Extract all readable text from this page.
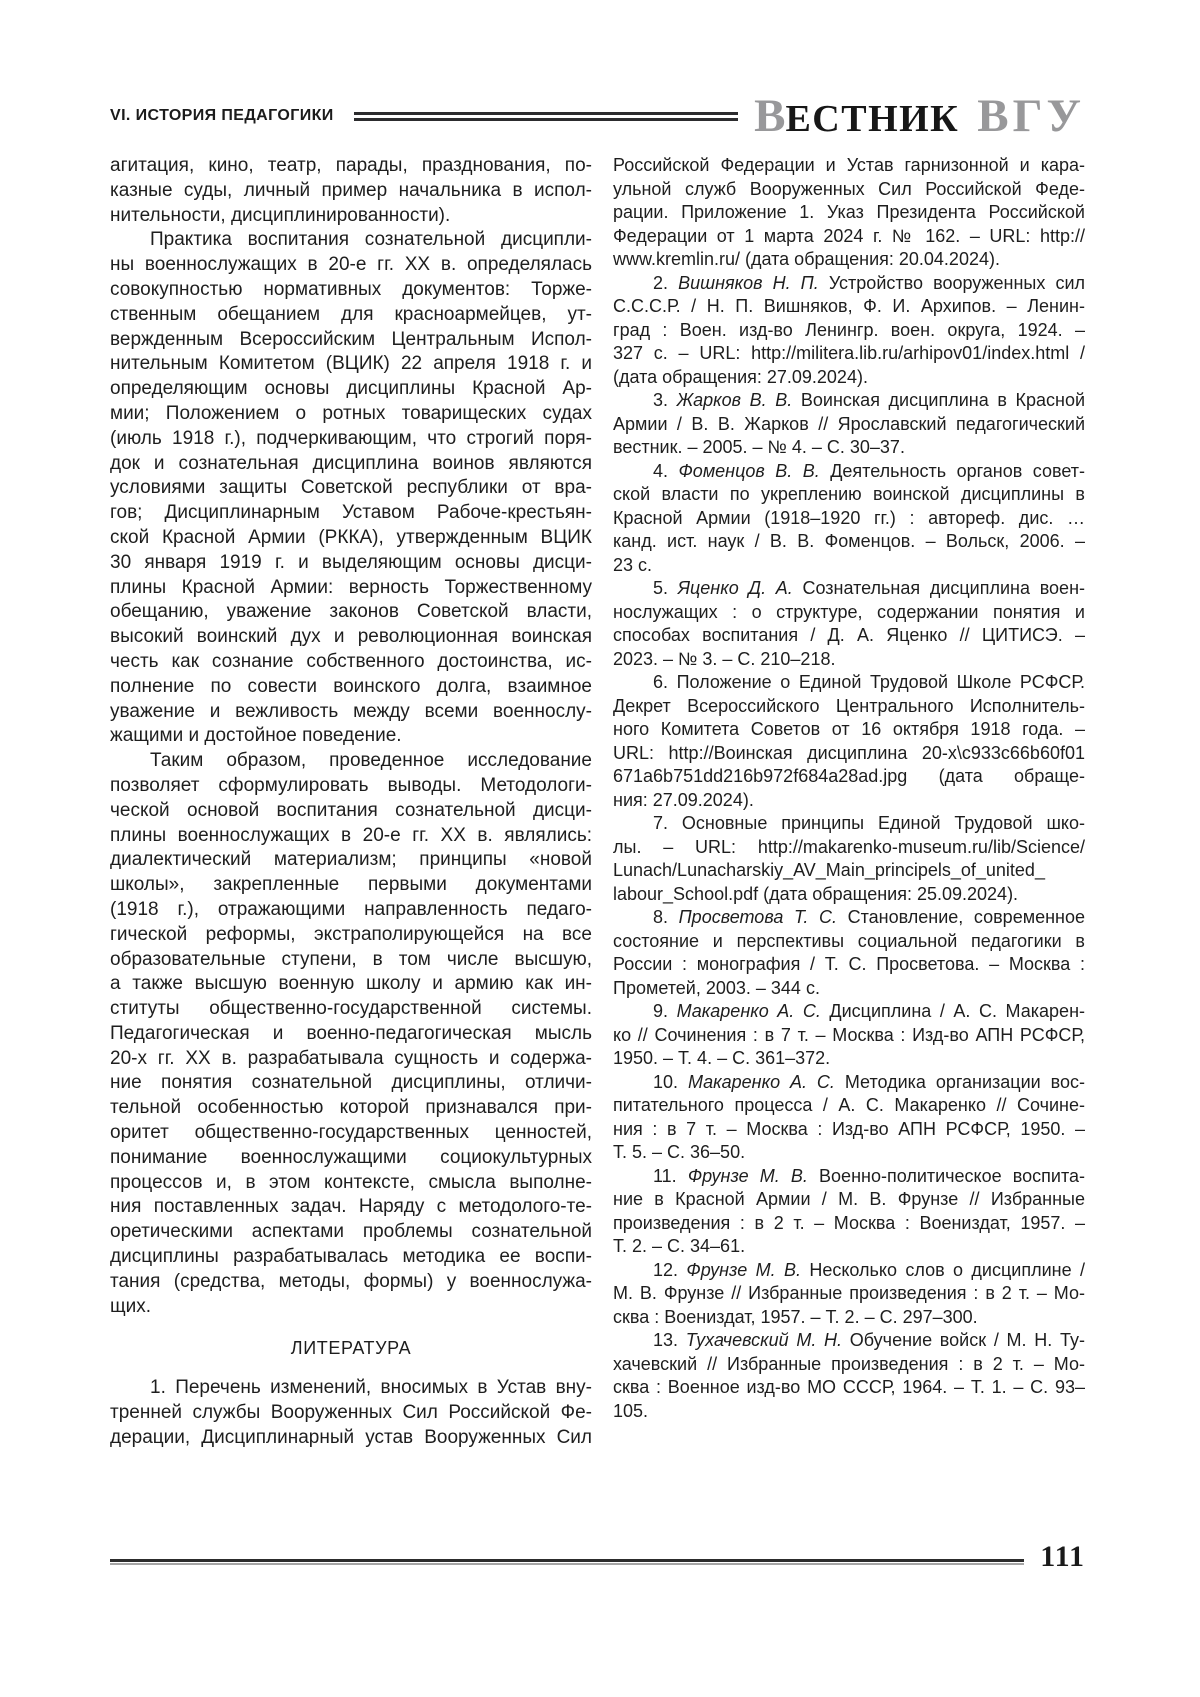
VI. ИСТОРИЯ ПЕДАГОГИКИ	В ЕСТНИК ВГУ
агитация, кино, театр, парады, празднования, по-
казные суды, личный пример начальника в испол-
нительности, дисциплинированности).
Практика воспитания сознательной дисципли-
ны военнослужащих в 20-е гг. XX в. определялась
совокупностью нормативных документов: Торже-
ственным обещанием для красноармейцев, ут-
вержденным Всероссийским Центральным Испол-
нительным Комитетом (ВЦИК) 22 апреля 1918 г. и
определяющим основы дисциплины Красной Ар-
мии; Положением о ротных товарищеских судах
(июль 1918 г.), подчеркивающим, что строгий поря-
док и сознательная дисциплина воинов являются
условиями защиты Советской республики от вра-
гов; Дисциплинарным Уставом Рабоче-крестьян-
ской Красной Армии (РККА), утвержденным ВЦИК
30 января 1919 г. и выделяющим основы дисци-
плины Красной Армии: верность Торжественному
обещанию, уважение законов Советской власти,
высокий воинский дух и революционная воинская
честь как сознание собственного достоинства, ис-
полнение по совести воинского долга, взаимное
уважение и вежливость между всеми военнослу-
жащими и достойное поведение.
Таким образом, проведенное исследование
позволяет сформулировать выводы. Методологи-
ческой основой воспитания сознательной дисци-
плины военнослужащих в 20-е гг. XX в. являлись:
диалектический материализм; принципы «новой
школы», закрепленные первыми документами
(1918 г.), отражающими направленность педаго-
гической реформы, экстраполирующейся на все
образовательные ступени, в том числе высшую,
а также высшую военную школу и армию как ин-
ституты общественно-государственной системы.
Педагогическая и военно-педагогическая мысль
20-х гг. XX в. разрабатывала сущность и содержа-
ние понятия сознательной дисциплины, отличи-
тельной особенностью которой признавался при-
оритет общественно-государственных ценностей,
понимание военнослужащими социокультурных
процессов и, в этом контексте, смысла выполне-
ния поставленных задач. Наряду с методолого-те-
оретическими аспектами проблемы сознательной
дисциплины разрабатывалась методика ее воспи-
тания (средства, методы, формы) у военнослужа-
щих.
ЛИТЕРАТУРА
1. Перечень изменений, вносимых в Устав вну-
тренней службы Вооруженных Сил Российской Фе-
дерации, Дисциплинарный устав Вооруженных Сил
Российской Федерации и Устав гарнизонной и кара-
ульной служб Вооруженных Сил Российской Феде-
рации. Приложение 1. Указ Президента Российской
Федерации от 1 марта 2024 г. № 162. – URL: http://
www.kremlin.ru/ (дата обращения: 20.04.2024).
2. Вишняков Н. П. Устройство вооруженных сил
С.С.С.Р. / Н. П. Вишняков, Ф. И. Архипов. – Ленин-
град : Воен. изд-во Ленингр. воен. округа, 1924. –
327 с. – URL: http://militera.lib.ru/arhipov01/index.html /
(дата обращения: 27.09.2024).
3. Жарков В. В. Воинская дисциплина в Красной
Армии / В. В. Жарков // Ярославский педагогический
вестник. – 2005. – № 4. – С. 30–37.
4. Фоменцов В. В. Деятельность органов совет-
ской власти по укреплению воинской дисциплины в
Красной Армии (1918–1920 гг.) : автореф. дис. …
канд. ист. наук / В. В. Фоменцов. – Вольск, 2006. –
23 с.
5. Яценко Д. А. Сознательная дисциплина воен-
нослужащих : о структуре, содержании понятия и
способах воспитания / Д. А. Яценко // ЦИТИСЭ. –
2023. – № 3. – С. 210–218.
6. Положение о Единой Трудовой Школе РСФСР.
Декрет Всероссийского Центрального Исполнитель-
ного Комитета Советов от 16 октября 1918 года. –
URL: http://Воинская дисциплина 20-x\c933c66b60f01
671a6b751dd216b972f684a28ad.jpg (дата обраще-
ния: 27.09.2024).
7. Основные принципы Единой Трудовой шко-
лы. – URL: http://makarenko-museum.ru/lib/Science/
Lunach/Lunacharskiy_AV_Main_principels_of_united_
labour_School.pdf (дата обращения: 25.09.2024).
8. Просветова Т. С. Становление, современное
состояние и перспективы социальной педагогики в
России : монография / Т. С. Просветова. – Москва :
Прометей, 2003. – 344 с.
9. Макаренко А. С. Дисциплина / А. С. Макарен-
ко // Сочинения : в 7 т. – Москва : Изд-во АПН РСФСР,
1950. – Т. 4. – С. 361–372.
10. Макаренко А. С. Методика организации вос-
питательного процесса / А. С. Макаренко // Сочине-
ния : в 7 т. – Москва : Изд-во АПН РСФСР, 1950. –
Т. 5. – С. 36–50.
11. Фрунзе М. В. Военно-политическое воспита-
ние в Красной Армии / М. В. Фрунзе // Избранные
произведения : в 2 т. – Москва : Воениздат, 1957. –
Т. 2. – С. 34–61.
12. Фрунзе М. В. Несколько слов о дисциплине /
М. В. Фрунзе // Избранные произведения : в 2 т. – Мо-
сква : Воениздат, 1957. – Т. 2. – С. 297–300.
13. Тухачевский М. Н. Обучение войск / М. Н. Ту-
хачевский // Избранные произведения : в 2 т. – Мо-
сква : Военное изд-во МО СССР, 1964. – Т. 1. – С. 93–
105.
111
